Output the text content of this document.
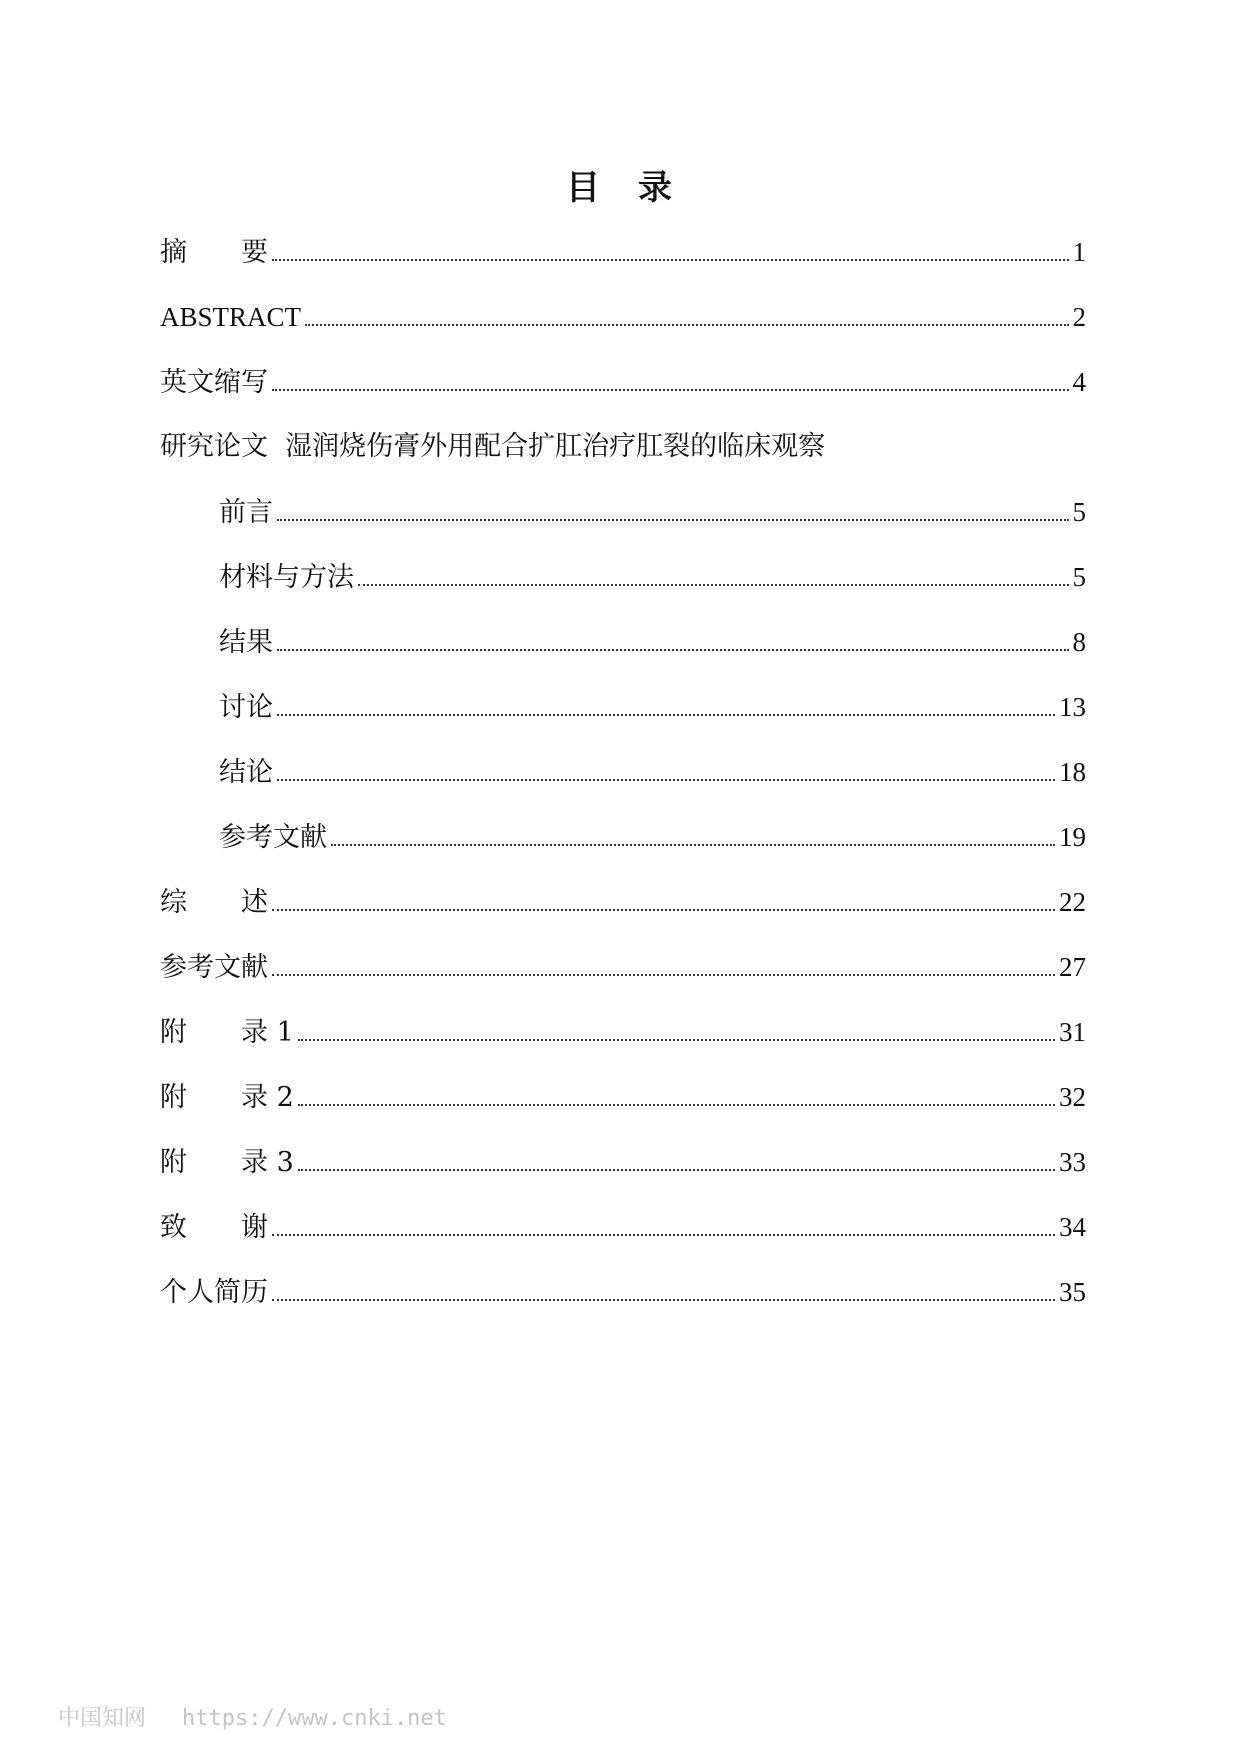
目　录
摘　　要	1
ABSTRACT	2
英文缩写	4
研究论文  湿润烧伤膏外用配合扩肛治疗肛裂的临床观察
前言	5
材料与方法	5
结果	8
讨论	13
结论	18
参考文献	19
综　　述	22
参考文献	27
附　　录 1	31
附　　录 2	32
附　　录 3	33
致　　谢	34
个人简历	35

中国知网 https://www.cnki.net
